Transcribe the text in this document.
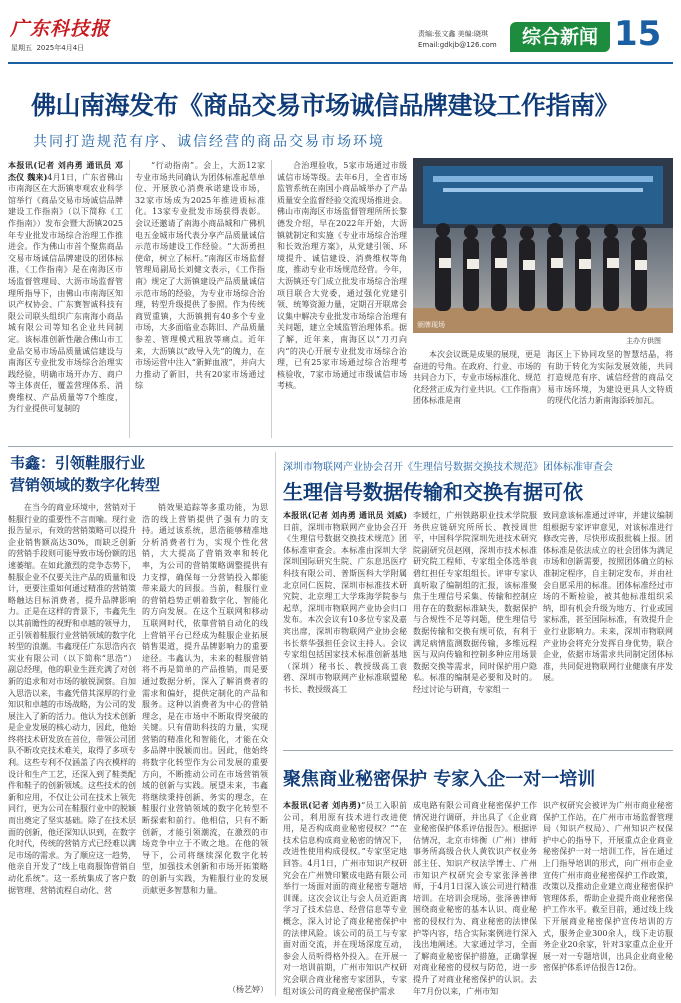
广东科技报
星期五  2025年4月4日
责编:张文鑫 美编:晓琪
Email:gdkjb@126.com	综合新闻 15
佛山南海发布《商品交易市场诚信品牌建设工作指南》
共同打造规范有序、诚信经营的商品交易市场环境

本报讯(记者 刘冉勇 通讯员 邓杰仪 魏来)4月1日，广东省佛山市南海区在大沥镇枣观农业科学馆举行《商品交易市场诚信品牌建设工作指南》（以下简称《工作指南》）发布会暨大沥镇2025年专业批发市场综合治理工作推进会。作为佛山市首个聚焦商品交易市场诚信品牌建设的团体标准，《工作指南》是在南海区市场监督管理局、大沥市场监督管理所指导下，由佛山市南海区知识产权协会、广东赛智诚科技有限公司联头组织广东南海小商品城有限公司等知名企业共同制定。该标准创新性融合佛山市工业品交易市场品质量诚信建设与南海区专业批发市场综合治理实践经验，明确市场开办方、商户等主体责任，覆盖营理体系、消费维权、产品质量等7个维度，为行业提供可复制的

“行动指南”。会上，大沥12家专业市场共同确认为团体标准起草单位、开展放心消费承诺建设市场，32家市场成为2025年推进质标准化。13家专业批发市场获得表彰。会议还邀请了南海小商品城和广佛机电五金城市场代表分享产品质量诚信示范市场建设工作经验。“大沥勇担使命，树立了标杆。”南海区市场监督管理局副局长刘健文表示，《工作指南》规定了大沥镇建设产品质量诚信示范市场的经验，为专业市场综合治理，转型升级提供了参照。作为传统商贸重镇，大沥镇拥有40多个专业市场，大多面临业态陈旧、产品质量参差、管理模式粗放等痛点。近年来，大沥镇以“政导入先”的魄力，在市场运营中注入“新鲜血液”，并向大力推动了新旧，共有20家市场通过综

合治理验收，5家市场通过市级诚信市场等级。去年6月，全省市场监管系统在南国小商品城举办了产品质量安全监督经验交流现场推进会。佛山市南海区市场监督管理所所长黎德发介绍，早在2022年开始，大沥镇就制定和实施《专业市场综合治理和长效治理方案》，从党建引领、环境提升、诚信建设、消费维权等角度，推动专业市场规范经营。今年，大沥镇还专门成立批发市场综合治理项目联合大党委，通过强化党建引领、统筹资源力量，定期召开联席会议集中解决专业批发市场综合治理有关问题，建立全域监管治理体系。据了解，近年来，南海区以“刀刃向内”的决心开展专业批发市场综合治理，已有25家市场通过综合治理考核验收，7家市场通过市级诚信市场考核。

颁牌现场
主办方供图

本次会议既是成果的展现，更是奋进的号角。在政府、行业、市场的共同合力下，专业市场标准化、规范化经营正成为行业共识。《工作指南》团体标准是南

海区上下协同攻坚的智慧结晶，将有助于转化为实际发展效能，共同打造规范有序、诚信经营的商品交易市场环境，为建设更具人文特质的现代化活力新南海添砖加瓦。

韦鑫：引领鞋服行业
营销领域的数字化转型

在当今的商业环境中，营销对于鞋服行业的重要性不言而喻。现行业报告显示，有效的营销策略可以提升企业销售额高达30%，而缺乏创新的营销手段则可能导致市场份额的迅速萎缩。在如此激烈的竞争态势下，鞋服企业不仅要关注产品的质量和设计，更要注重如何通过精准的营销策略触达目标消费者，提升品牌影响力。正是在这样的背景下，韦鑫先生以其前瞻性的视野和卓越的领导力，正引领着鞋服行业营销领域的数字化转型的浪潮。韦鑫现任广东思浩内衣实业有限公司（以下简称“思浩”）副总经理，他的职业生涯充满了对创新的追求和对市场的敏锐洞察。自加入思浩以来，韦鑫凭借其深厚的行业知识和卓越的市场战略，为公司的发展注入了新的活力。他认为技术创新是企业发展的核心动力，因此，他始终将技术研发放在首位，带领公司团队不断攻克技术难关，取得了多项专利。这些专利不仅涵盖了内衣模样的设计和生产工艺，还深入到了鞋类配件和鞋子的创新领域。这些技术的创新和应用，不仅让公司在技术上领先同行，更为公司在鞋服行业中的脱颖而出奠定了坚实基础。除了在技术层面的创新，他还深知认识到，在数字化时代，传统的营销方式已经难以满足市场的需求。为了顺应这一趋势，他亲自开发了“线上电商服饰营销自动化系统”。这一系统集成了客户数据管理、营销流程自动化、营

销效果追踪等多重功能，为思浩的线上营销提供了强有力的支持。通过该系统，思浩能够精准地分析消费者行为，实现个性化营销，大大提高了营销效率和转化率，为公司的营销策略调整提供有力支撑，确保每一分营销投入都能带来最大的回报。当前，鞋服行业的营销趋势正朝着数字化、智能化的方向发展。在这个互联网和移动互联网时代，依靠营销自动化的线上营销平台已经成为鞋服企业拓展销售渠道，提升品牌影响力的重要途径。韦鑫认为，未来的鞋服营销将不再是简单的产品推销，而是要通过数据分析，深入了解消费者的需求和偏好，提供定制化的产品和服务。这种以消费者为中心的营销理念，是在市场中不断取得突破的关键。只有借助科技的力量，实现营销的精准化和智能化，才能在众多品牌中脱颖而出。因此，他始终将数字化转型作为公司发展的重要方向，不断推动公司在市场营销领域的创新与实践。展望未来，韦鑫将继续秉持创新、务实的理念，在鞋服行业营销领域的数字化转型不断探索和前行。他相信，只有不断创新，才能引领潮流，在激烈的市场竞争中立于不败之地。在他的领导下，公司将继续深化数字化转型，加强技术创新和市场开拓策略的创新与实践，为鞋服行业的发展贡献更多智慧和力量。

（杨艺婷）
深圳市物联网产业协会召开《生理信号数据交换技术规范》团体标准审查会
生理信号数据传输和交换有据可依

本报讯(记者 刘冉勇 通讯员 刘威)日前，深圳市物联网产业协会召开《生理信号数据交换技术规范》团体标准审查会。本标准由深圳大学深圳国际研究生院、广东息迅医疗科技有限公司、普斯医科大学附属北京同仁医院、深圳市标准技术研究院、北京理工大学珠海学院参与起草，深圳市物联网产业协会归口发布。本次会议有10多位专家及嘉宾出席，深圳市物联网产业协会秘书长蔡华强担任会议主持人。会议专家组包括国家技术标准创新基地（深圳）秘书长、教授级高工袁碧、深圳市物联网产业标准联盟秘书长、教授级高工

李媛红，广州铁路职业技术学院服务供应链研究所所长、教授周世平，中国科学院深圳先进技术研究院副研究员赵刚，深圳市技术标准研究院工程师、专家组全体选举袁碧红担任专家组组长。评审专家认真听取了编制组的汇报，该标准聚焦于生理信号采集、传输和控制应用存在的数据标准缺失，数据保护与合规性不足等问题，使生理信号数据传输和交换有规可依，有利于满足病情监测数据传输，多维远程医与双向传输和控制多种应用场景数据交换等需求，同时保护用户隐私。标准的编制是必要和及时的。经过讨论与研商，专家组一

致同意该标准通过评审，并建议编制组根据专家评审意见，对该标准进行修改完善，尽快形成报批稿上报。团体标准是依法成立的社会团体为满足市场和创新需要，按照团体确立的标准制定程序，自主制定发布，并由社会自愿采用的标准。团体标准经过市场的不断检验，被其他标准组织采纳，即有机会升级为地方、行业或国家标准，甚至国际标准，有效提升企业行业影响力。未来，深圳市物联网产业协会将充分发挥自身优势，联合企业，依据市场需求共同制定团体标准，共同促进物联网行业健康有序发展。

聚焦商业秘密保护 专家入企一对一培训

本报讯(记者 刘冉勇)“员工入职前公司，利用原有技术进行改进使用，是否构成商业秘密侵权？”“在技术信息构成商业秘密的情况下，改进性使用构成侵权。”专家坚定地回答。4月1日，广州市知识产权研究会在广州赞印繁成电路有限公司举行一场面对面的商业秘密专题培训课。这次会议让与会人员近距离学习了技术信息、经营信息等专业概念，深入讨论了商业秘密保护中的法律风险。该公司的员工与专家面对面交流，并在现场深度互动，参会人员听得格外投入。在开展一对一培训前期，广州市知识产权研究会联合商业秘密专家团队，专家组对该公司的商业秘密保护需求

成电路有限公司商业秘密保护工作情况进行调研，并出具了《企业商业秘密保护体系评估报告》。根据评估情况，北京市炜衡（广州）律师事务所高级合伙人黄钦识产权业务部主任、知识产权法学博士、广州市知识产权研究会专家张泽善律师，于4月1日深入该公司进行精准培训。在培训会现场，张泽善律师围绕商业秘密的基本认识、商业秘密的侵权行为、商业秘密的法律保护等内容，结合实际案例进行深入浅出地阐述。大家通过学习，全面了解商业秘密保护措施，正确掌握对商业秘密的侵权与防范，进一步提升了对商业秘密保护的认识。去年7月份以来，广州市知

识产权研究会被评为广州市商业秘密保护工作站，在广州市市场监督管理局（知识产权局）、广州知识产权保护中心的指导下，开展重点企业商业秘密保护一对一培训工作，旨在通过上门指导培训的形式，向广州市企业宣传广州市商业秘密保护工作政策，改策以及推动企业建立商业秘密保护管理体系，帮助企业提升商业秘密保护工作水平。截至目前，通过线上线下开展商业秘密保护宣传培训的方式，服务企业300余人，线下走访服务企业20余家，针对3家重点企业开展一对一专题培训，出具企业商业秘密保护体系评估报告12份。
